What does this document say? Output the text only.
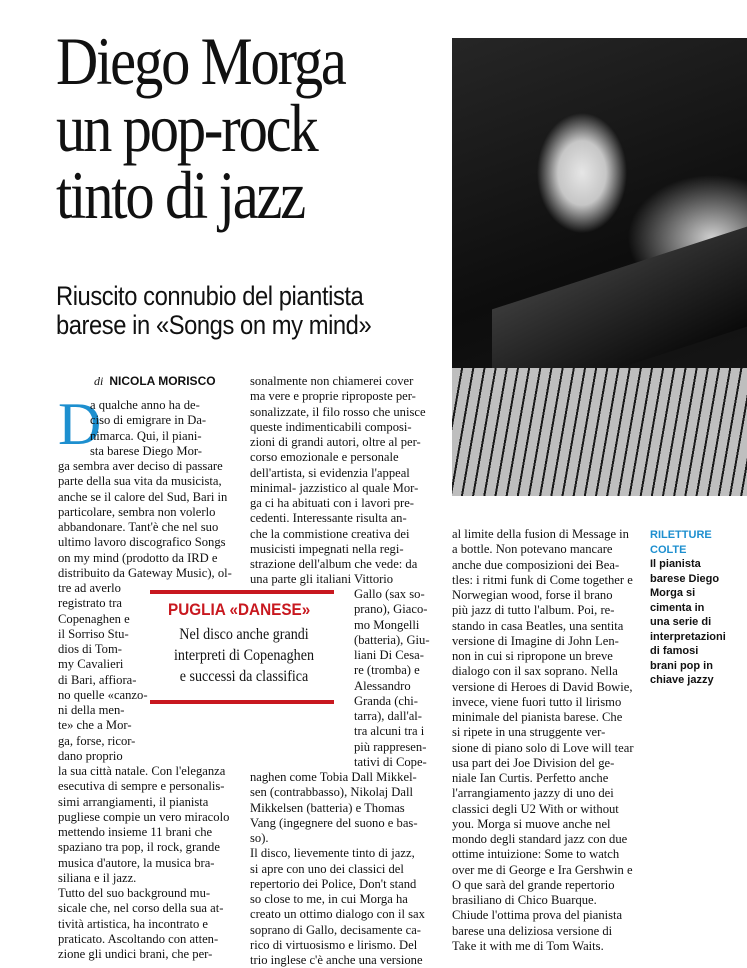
Diego Morga
un pop-rock
tinto di jazz
Riuscito connubio del piantista
barese in «Songs on my mind»
di NICOLA MORISCO
D
a qualche anno ha de-
ciso di emigrare in Da-
nimarca. Qui, il piani-
sta barese Diego Mor-
ga sembra aver deciso di passare
parte della sua vita da musicista,
anche se il calore del Sud, Bari in
particolare, sembra non volerlo
abbandonare. Tant'è che nel suo
ultimo lavoro discografico Songs
on my mind (prodotto da IRD e
distribuito da Gateway Music), ol-
tre ad averlo
registrato tra
Copenaghen e
il Sorriso Stu-
dios di Tom-
my Cavalieri
di Bari, affiora-
no quelle «canzo-
ni della men-
te» che a Mor-
ga, forse, ricor-
dano proprio
la sua città natale. Con l'eleganza
esecutiva di sempre e personalis-
simi arrangiamenti, il pianista
pugliese compie un vero miracolo
mettendo insieme 11 brani che
spaziano tra pop, il rock, grande
musica d'autore, la musica bra-
siliana e il jazz.
Tutto del suo background mu-
sicale che, nel corso della sua at-
tività artistica, ha incontrato e
praticato. Ascoltando con atten-
zione gli undici brani, che per-
sonalmente non chiamerei cover
ma vere e proprie riproposte per-
sonalizzate, il filo rosso che unisce
queste indimenticabili composi-
zioni di grandi autori, oltre al per-
corso emozionale e personale
dell'artista, si evidenzia l'appeal
minimal- jazzistico al quale Mor-
ga ci ha abituati con i lavori pre-
cedenti. Interessante risulta an-
che la commistione creativa dei
musicisti impegnati nella regi-
strazione dell'album che vede: da
una parte gli italiani Vittorio
Gallo (sax so-
prano), Giaco-
mo Mongelli
(batteria), Giu-
liani Di Cesa-
re (tromba) e
Alessandro
Granda (chi-
tarra), dall'al-
tra alcuni tra i
più rappresen-
tativi di Cope-
naghen come Tobia Dall Mikkel-
sen (contrabbasso), Nikolaj Dall
Mikkelsen (batteria) e Thomas
Vang (ingegnere del suono e bas-
so).
Il disco, lievemente tinto di jazz,
si apre con uno dei classici del
repertorio dei Police, Don't stand
so close to me, in cui Morga ha
creato un ottimo dialogo con il sax
soprano di Gallo, decisamente ca-
rico di virtuosismo e lirismo. Del
trio inglese c'è anche una versione
al limite della fusion di Message in
a bottle. Non potevano mancare
anche due composizioni dei Bea-
tles: i ritmi funk di Come together e
Norwegian wood, forse il brano
più jazz di tutto l'album. Poi, re-
stando in casa Beatles, una sentita
versione di Imagine di John Len-
non in cui si ripropone un breve
dialogo con il sax soprano. Nella
versione di Heroes di David Bowie,
invece, viene fuori tutto il lirismo
minimale del pianista barese. Che
si ripete in una struggente ver-
sione di piano solo di Love will tear
usa part dei Joe Division del ge-
niale Ian Curtis. Perfetto anche
l'arrangiamento jazzy di uno dei
classici degli U2 With or without
you. Morga si muove anche nel
mondo degli standard jazz con due
ottime intuizione: Some to watch
over me di George e Ira Gershwin e
O que sarà del grande repertorio
brasiliano di Chico Buarque.
Chiude l'ottima prova del pianista
barese una deliziosa versione di
Take it with me di Tom Waits.
PUGLIA «DANESE»
Nel disco anche grandi
interpreti di Copenaghen
e successi da classifica
RILETTURE
COLTE
Il pianista
barese Diego
Morga si
cimenta in
una serie di
interpretazioni
di famosi
brani pop in
chiave jazzy
